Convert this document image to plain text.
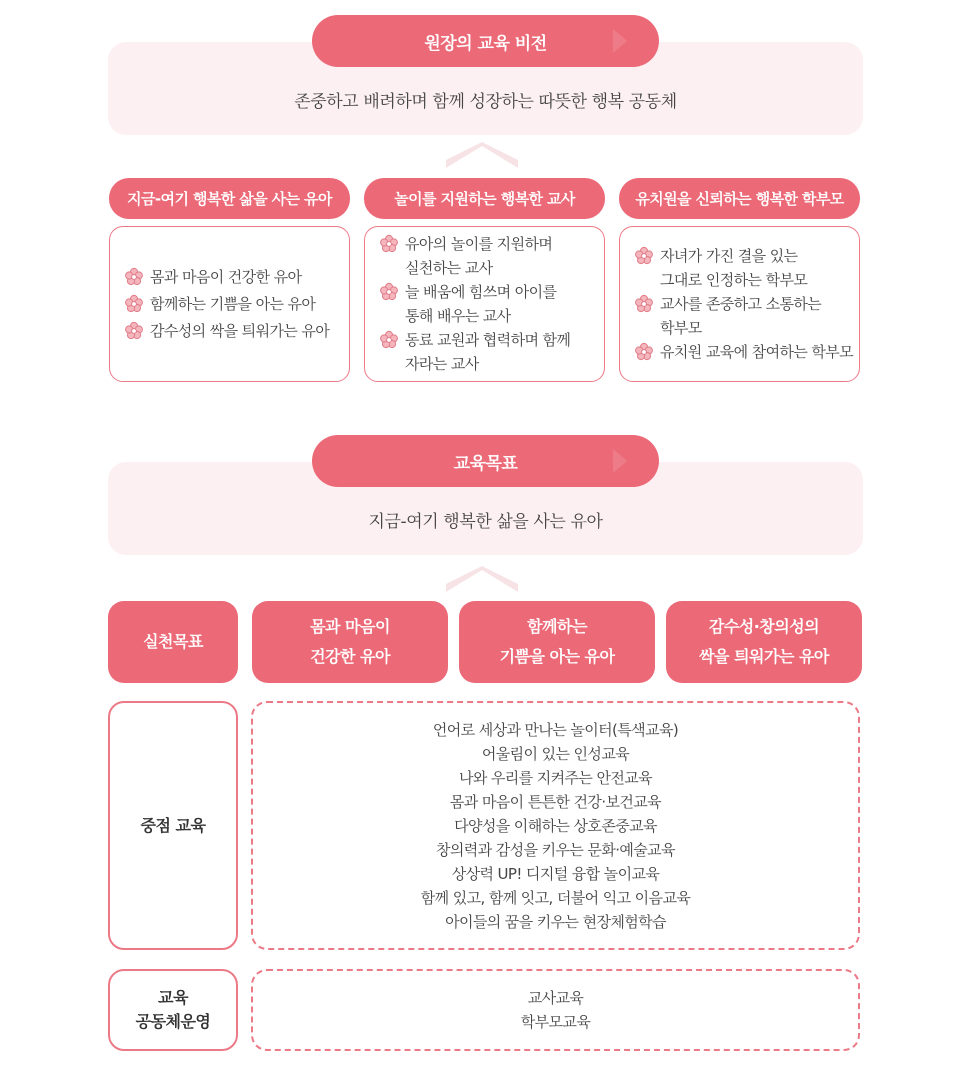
존중하고 배려하며 함께 성장하는 따뜻한 행복 공동체
원장의 교육 비전
지금-여기 행복한 삶을 사는 유아	놀이를 지원하는 행복한 교사	유치원을 신뢰하는 행복한 학부모
몸과 마음이 건강한 유아
함께하는 기쁨을 아는 유아
감수성의 싹을 틔워가는 유아
유아의 놀이를 지원하며
실천하는 교사
늘 배움에 힘쓰며 아이를
통해 배우는 교사
동료 교원과 협력하며 함께
자라는 교사
자녀가 가진 결을 있는
그대로 인정하는 학부모
교사를 존중하고 소통하는
학부모
유치원 교육에 참여하는 학부모
지금-여기 행복한 삶을 사는 유아
교육목표
실천목표
몸과 마음이
건강한 유아
함께하는
기쁨을 아는 유아
감수성·창의성의
싹을 틔워가는 유아
중점 교육
언어로 세상과 만나는 놀이터(특색교육)
어울림이 있는 인성교육
나와 우리를 지켜주는 안전교육
몸과 마음이 튼튼한 건강·보건교육
다양성을 이해하는 상호존중교육
창의력과 감성을 키우는 문화·예술교육
상상력 UP! 디지털 융합 놀이교육
함께 있고, 함께 잇고, 더불어 익고 이음교육
아이들의 꿈을 키우는 현장체험학습
교육
공동체운영
교사교육
학부모교육
